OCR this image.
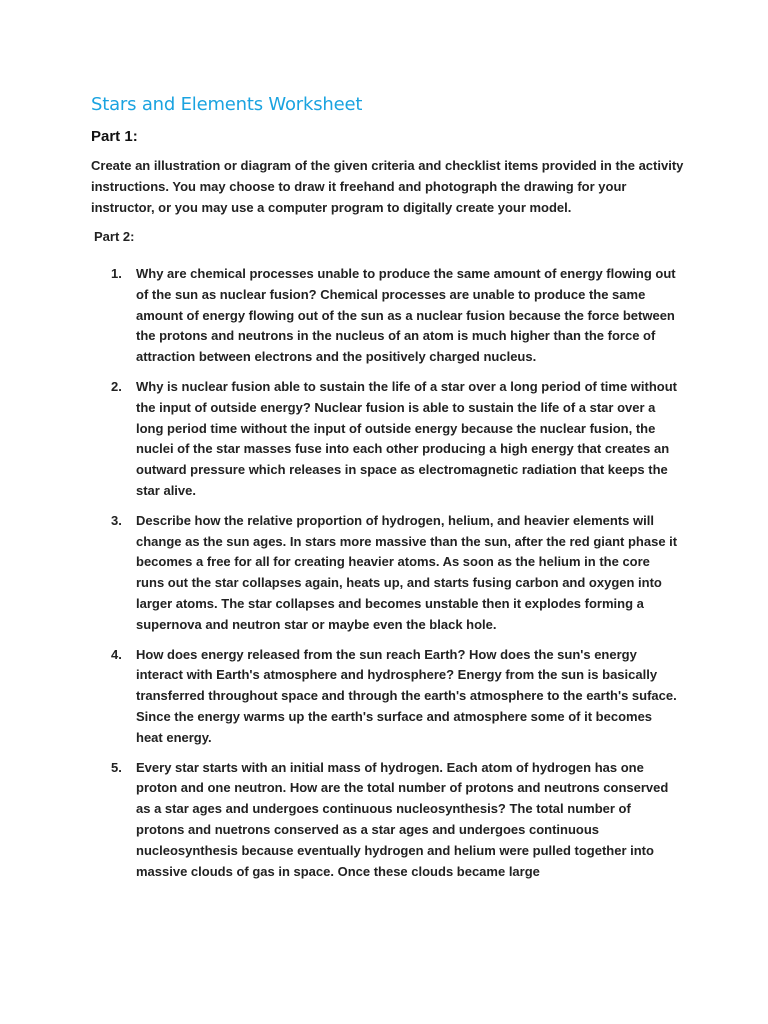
Stars and Elements Worksheet
Part 1:

Create an illustration or diagram of the given criteria and checklist items provided in the activity instructions. You may choose to draw it freehand and photograph the drawing for your instructor, or you may use a computer program to digitally create your model.

Part 2:
1. Why are chemical processes unable to produce the same amount of energy flowing out of the sun as nuclear fusion? Chemical processes are unable to produce the same amount of energy flowing out of the sun as a nuclear fusion because the force between the protons and neutrons in the nucleus of an atom is much higher than the force of attraction between electrons and the positively charged nucleus.
2. Why is nuclear fusion able to sustain the life of a star over a long period of time without the input of outside energy? Nuclear fusion is able to sustain the life of a star over a long period time without the input of outside energy because the nuclear fusion, the nuclei of the star masses fuse into each other producing a high energy that creates an outward pressure which releases in space as electromagnetic radiation that keeps the star alive.
3. Describe how the relative proportion of hydrogen, helium, and heavier elements will change as the sun ages. In stars more massive than the sun, after the red giant phase it becomes a free for all for creating heavier atoms. As soon as the helium in the core runs out the star collapses again, heats up, and starts fusing carbon and oxygen into larger atoms. The star collapses and becomes unstable then it explodes forming a supernova and neutron star or maybe even the black hole.
4. How does energy released from the sun reach Earth? How does the sun's energy interact with Earth's atmosphere and hydrosphere? Energy from the sun is basically transferred throughout space and through the earth's atmosphere to the earth's suface. Since the energy warms up the earth's surface and atmosphere some of it becomes heat energy.
5. Every star starts with an initial mass of hydrogen. Each atom of hydrogen has one proton and one neutron. How are the total number of protons and neutrons conserved as a star ages and undergoes continuous nucleosynthesis? The total number of protons and nuetrons conserved as a star ages and undergoes continuous nucleosynthesis because eventually hydrogen and helium were pulled together into massive clouds of gas in space. Once these clouds became large
